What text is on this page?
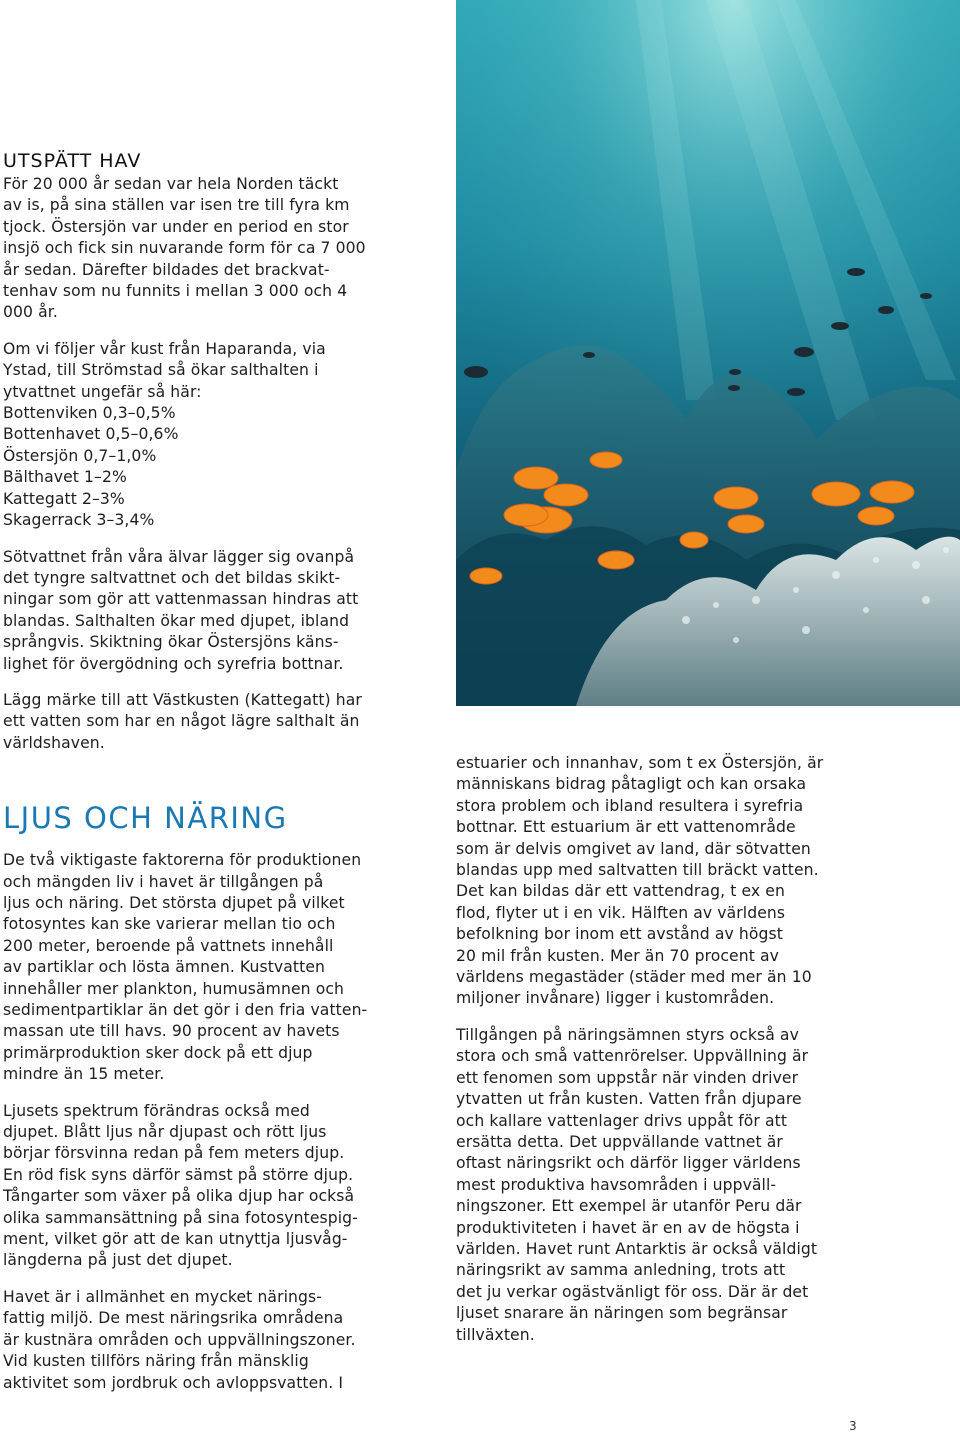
UTSPÄTT HAV

För 20 000 år sedan var hela Norden täckt
av is, på sina ställen var isen tre till fyra km
tjock. Östersjön var under en period en stor
insjö och fick sin nuvarande form för ca 7 000
år sedan. Därefter bildades det brackvat-
tenhav som nu funnits i mellan 3 000 och 4
000 år.

Om vi följer vår kust från Haparanda, via
Ystad, till Strömstad så ökar salthalten i
ytvattnet ungefär så här:

Bottenviken 0,3–0,5%
Bottenhavet 0,5–0,6%
Östersjön 0,7–1,0%
Bälthavet 1–2%
Kattegatt 2–3%
Skagerrack 3–3,4%

Sötvattnet från våra älvar lägger sig ovanpå
det tyngre saltvattnet och det bildas skikt-
ningar som gör att vattenmassan hindras att
blandas. Salthalten ökar med djupet, ibland
språngvis. Skiktning ökar Östersjöns käns-
lighet för övergödning och syrefria bottnar.

Lägg märke till att Västkusten (Kattegatt) har
ett vatten som har en något lägre salthalt än
världshaven.

LJUS OCH NÄRING

De två viktigaste faktorerna för produktionen
och mängden liv i havet är tillgången på
ljus och näring. Det största djupet på vilket
fotosyntes kan ske varierar mellan tio och
200 meter, beroende på vattnets innehåll
av partiklar och lösta ämnen. Kustvatten
innehåller mer plankton, humusämnen och
sedimentpartiklar än det gör i den fria vatten-
massan ute till havs. 90 procent av havets
primärproduktion sker dock på ett djup
mindre än 15 meter.

Ljusets spektrum förändras också med
djupet. Blått ljus når djupast och rött ljus
börjar försvinna redan på fem meters djup.
En röd fisk syns därför sämst på större djup.
Tångarter som växer på olika djup har också
olika sammansättning på sina fotosyntespig-
ment, vilket gör att de kan utnyttja ljusvåg-
längderna på just det djupet.

Havet är i allmänhet en mycket närings-
fattig miljö. De mest näringsrika områdena
är kustnära områden och uppvällningszoner.
Vid kusten tillförs näring från mänsklig
aktivitet som jordbruk och avloppsvatten. I

estuarier och innanhav, som t ex Östersjön, är
människans bidrag påtagligt och kan orsaka
stora problem och ibland resultera i syrefria
bottnar. Ett estuarium är ett vattenområde
som är delvis omgivet av land, där sötvatten
blandas upp med saltvatten till bräckt vatten.
Det kan bildas där ett vattendrag, t ex en
flod, flyter ut i en vik. Hälften av världens
befolkning bor inom ett avstånd av högst
20 mil från kusten. Mer än 70 procent av
världens megastäder (städer med mer än 10
miljoner invånare) ligger i kustområden.

Tillgången på näringsämnen styrs också av
stora och små vattenrörelser. Uppvällning är
ett fenomen som uppstår när vinden driver
ytvatten ut från kusten. Vatten från djupare
och kallare vattenlager drivs uppåt för att
ersätta detta. Det uppvällande vattnet är
oftast näringsrikt och därför ligger världens
mest produktiva havsområden i uppväll-
ningszoner. Ett exempel är utanför Peru där
produktiviteten i havet är en av de högsta i
världen. Havet runt Antarktis är också väldigt
näringsrikt av samma anledning, trots att
det ju verkar ogästvänligt för oss. Där är det
ljuset snarare än näringen som begränsar
tillväxten.

3
